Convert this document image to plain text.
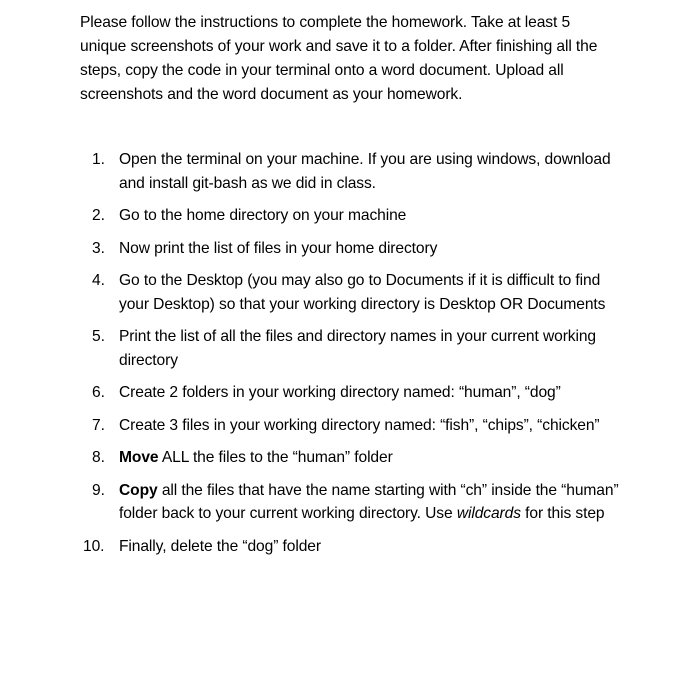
Please follow the instructions to complete the homework. Take at least 5 unique screenshots of your work and save it to a folder. After finishing all the steps, copy the code in your terminal onto a word document. Upload all screenshots and the word document as your homework.

1. Open the terminal on your machine. If you are using windows, download and install git-bash as we did in class.
2. Go to the home directory on your machine
3. Now print the list of files in your home directory
4. Go to the Desktop (you may also go to Documents if it is difficult to find your Desktop) so that your working directory is Desktop OR Documents
5. Print the list of all the files and directory names in your current working directory
6. Create 2 folders in your working directory named: “human”, “dog”
7. Create 3 files in your working directory named: “fish”, “chips”, “chicken”
8. Move ALL the files to the “human” folder
9. Copy all the files that have the name starting with “ch” inside the “human” folder back to your current working directory. Use wildcards for this step
10. Finally, delete the “dog” folder
